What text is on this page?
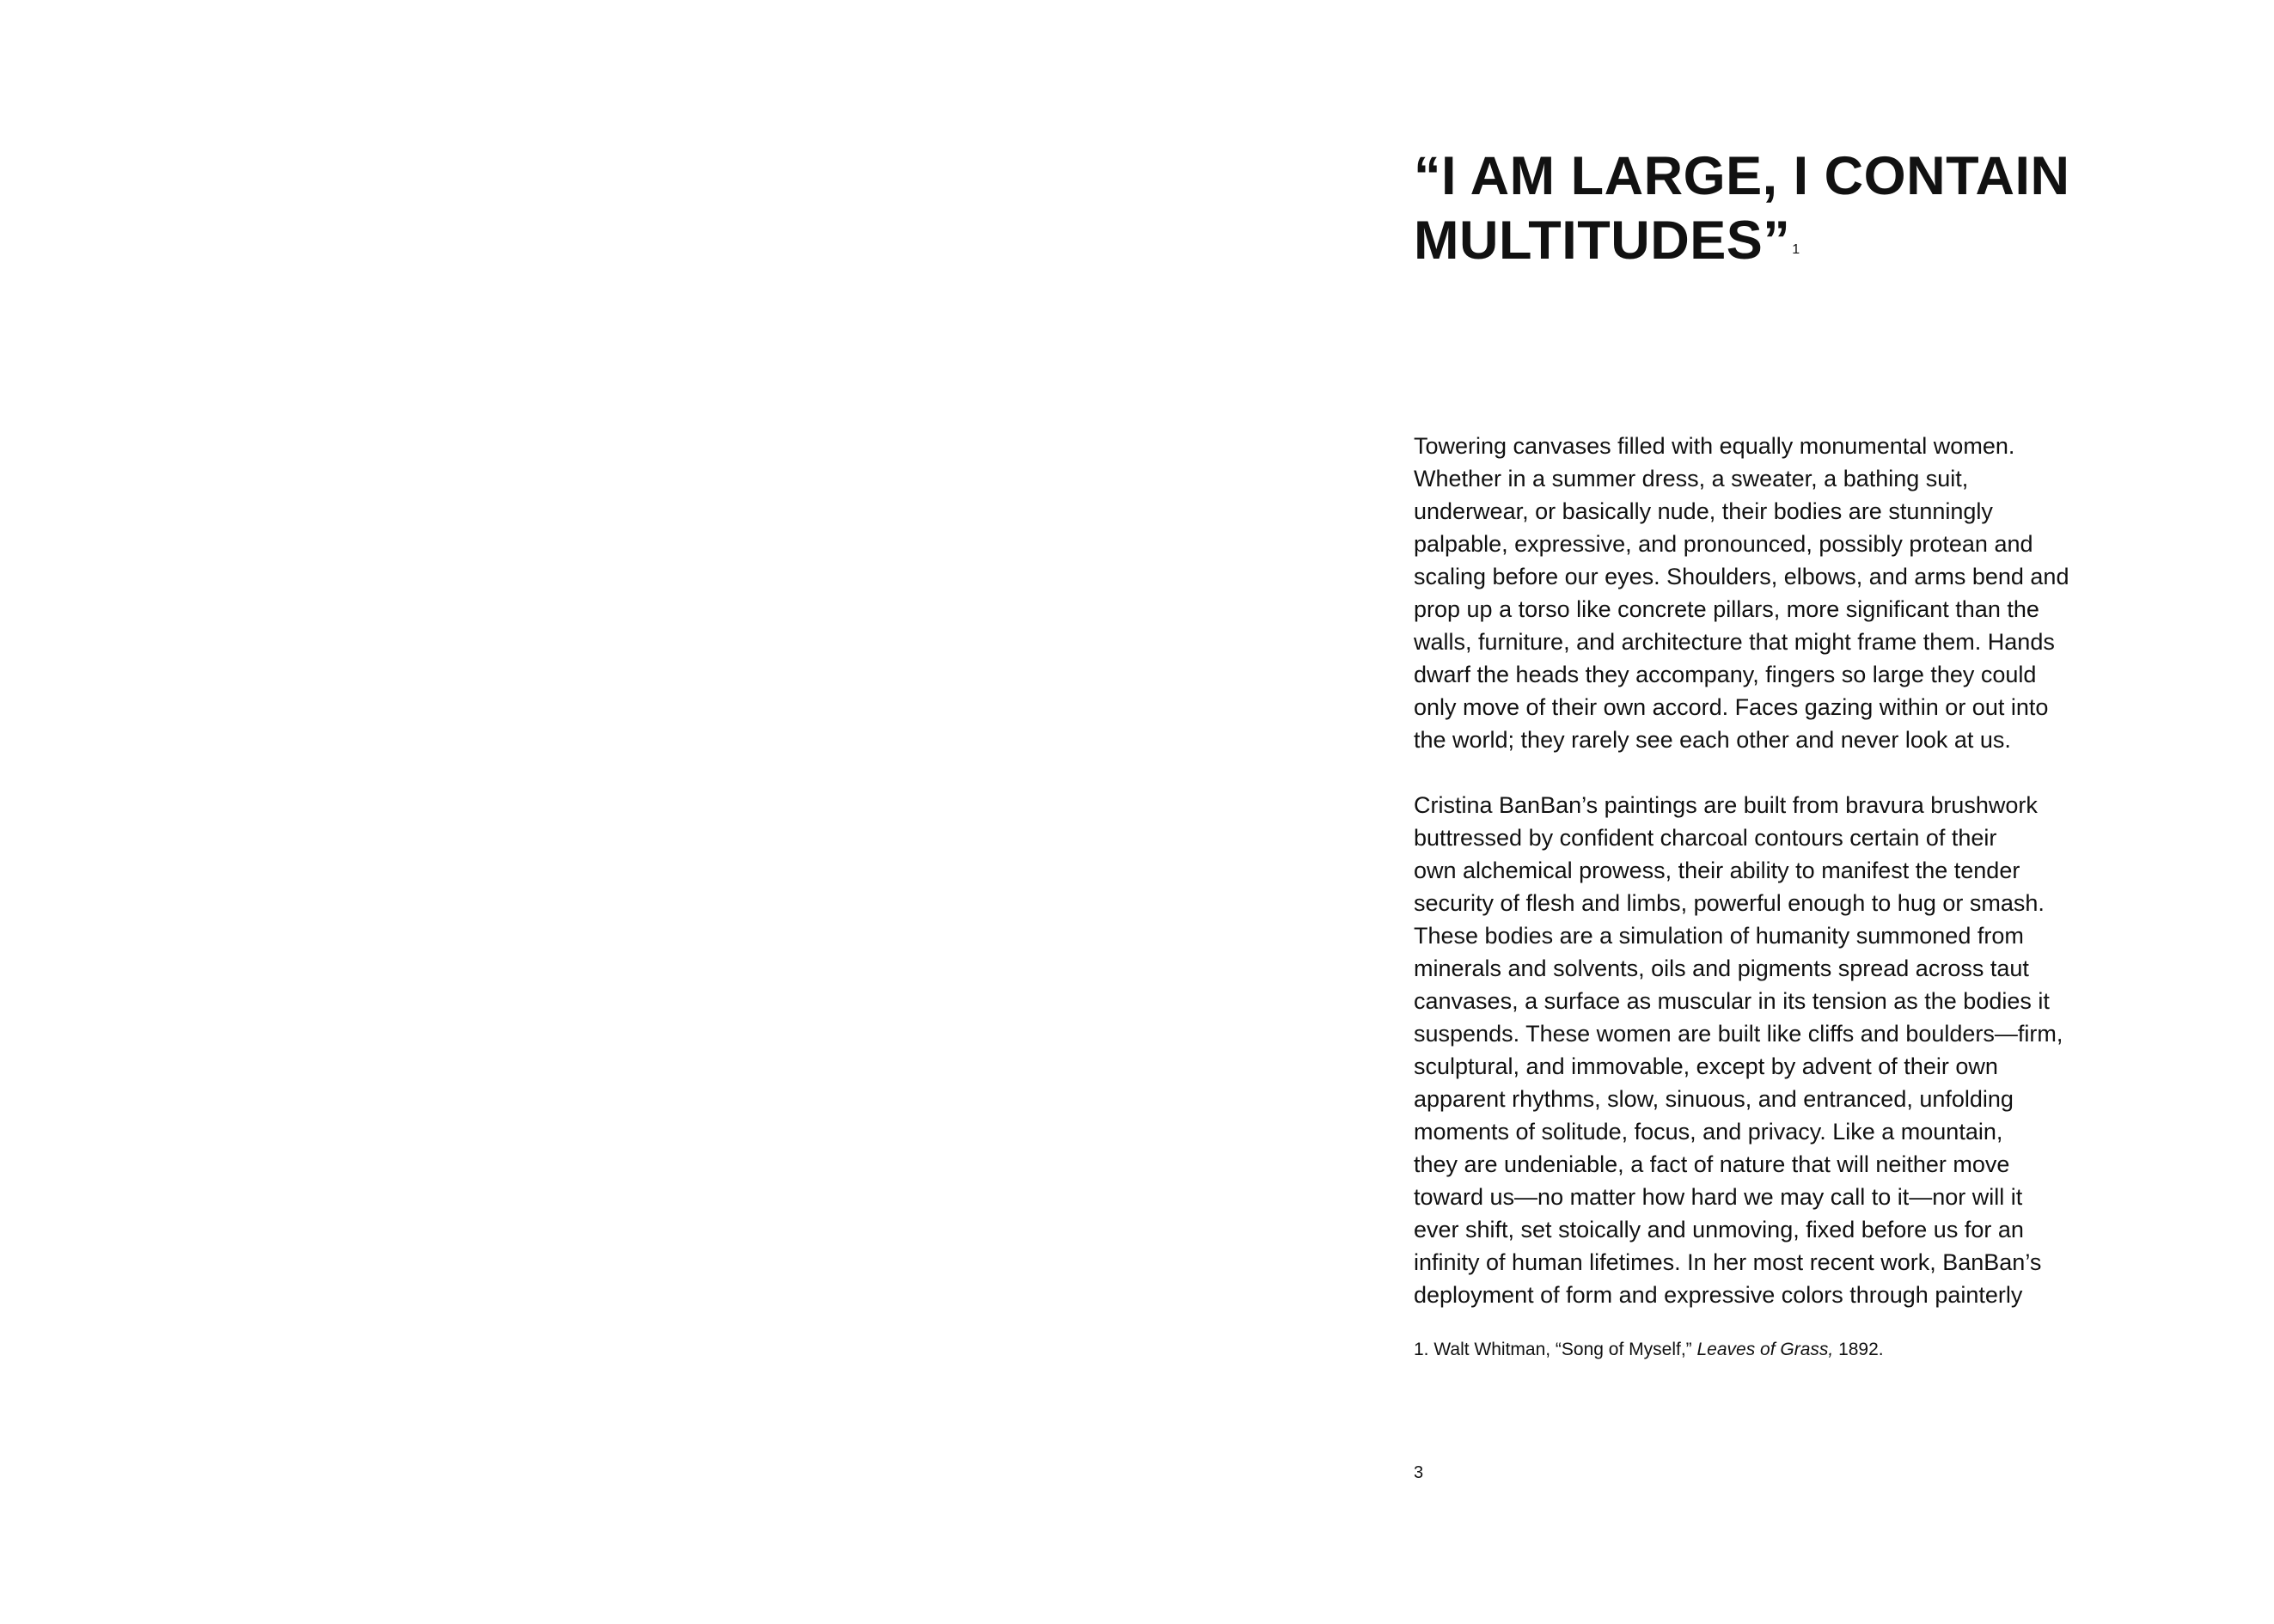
“I AM LARGE, I CONTAIN
MULTITUDES” $^1$

Towering canvases filled with equally monumental women.
Whether in a summer dress, a sweater, a bathing suit,
underwear, or basically nude, their bodies are stunningly
palpable, expressive, and pronounced, possibly protean and
scaling before our eyes. Shoulders, elbows, and arms bend and
prop up a torso like concrete pillars, more significant than the
walls, furniture, and architecture that might frame them. Hands
dwarf the heads they accompany, fingers so large they could
only move of their own accord. Faces gazing within or out into
the world; they rarely see each other and never look at us.

Cristina BanBan’s paintings are built from bravura brushwork
buttressed by confident charcoal contours certain of their
own alchemical prowess, their ability to manifest the tender
security of flesh and limbs, powerful enough to hug or smash.
These bodies are a simulation of humanity summoned from
minerals and solvents, oils and pigments spread across taut
canvases, a surface as muscular in its tension as the bodies it
suspends. These women are built like cliffs and boulders—firm,
sculptural, and immovable, except by advent of their own
apparent rhythms, slow, sinuous, and entranced, unfolding
moments of solitude, focus, and privacy. Like a mountain,
they are undeniable, a fact of nature that will neither move
toward us—no matter how hard we may call to it—nor will it
ever shift, set stoically and unmoving, fixed before us for an
infinity of human lifetimes. In her most recent work, BanBan’s
deployment of form and expressive colors through painterly

1. Walt Whitman, “Song of Myself,” Leaves of Grass, 1892.
3
